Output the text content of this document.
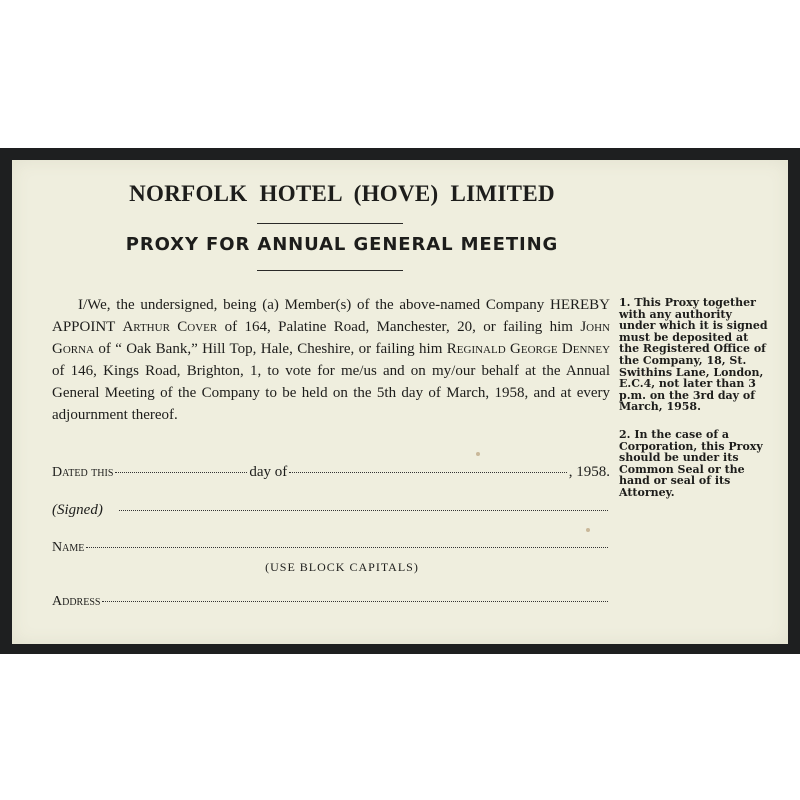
NORFOLK HOTEL (HOVE) LIMITED
PROXY FOR ANNUAL GENERAL MEETING

I/We, the undersigned, being (a) Member(s) of the above-named Company HEREBY APPOINT Arthur Cover of 164, Palatine Road, Manchester, 20, or failing him John Gorna of “ Oak Bank,” Hill Top, Hale, Cheshire, or failing him Reginald George Denney of 146, Kings Road, Brighton, 1, to vote for me/us and on my/our behalf at the Annual General Meeting of the Company to be held on the 5th day of March, 1958, and at every adjournment thereof.

Dated this	day of	, 1958.
(Signed)
Name

(USE BLOCK CAPITALS)

Address

1. This Proxy together with any authority under which it is signed must be deposited at the Registered Office of the Company, 18, St. Swithins Lane, London, E.C.4, not later than 3 p.m. on the 3rd day of March, 1958.

2. In the case of a Corporation, this Proxy should be under its Common Seal or the hand or seal of its Attorney.
